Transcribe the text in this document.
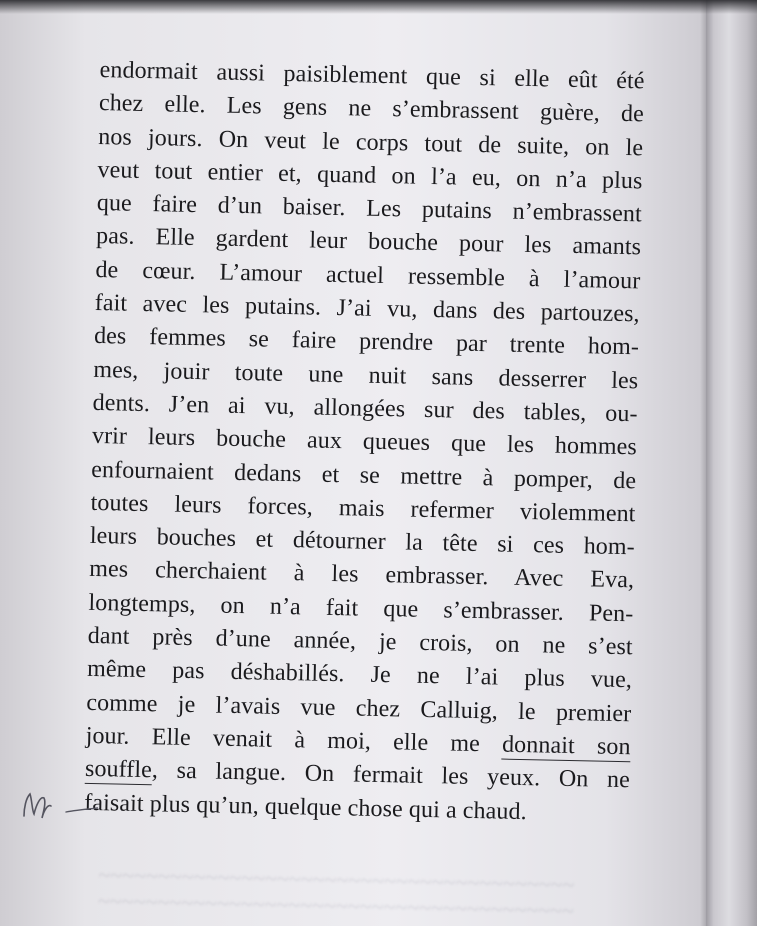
endormait aussi paisiblement que si elle eût été
chez elle. Les gens ne s’embrassent guère, de
nos jours. On veut le corps tout de suite, on le
veut tout entier et, quand on l’a eu, on n’a plus
que faire d’un baiser. Les putains n’embrassent
pas. Elle gardent leur bouche pour les amants
de cœur. L’amour actuel ressemble à l’amour
fait avec les putains. J’ai vu, dans des partouzes,
des femmes se faire prendre par trente hom-
mes, jouir toute une nuit sans desserrer les
dents. J’en ai vu, allongées sur des tables, ou-
vrir leurs bouche aux queues que les hommes
enfournaient dedans et se mettre à pomper, de
toutes leurs forces, mais refermer violemment
leurs bouches et détourner la tête si ces hom-
mes cherchaient à les embrasser. Avec Eva,
longtemps, on n’a fait que s’embrasser. Pen-
dant près d’une année, je crois, on ne s’est
même pas déshabillés. Je ne l’ai plus vue,
comme je l’avais vue chez Calluig, le premier
jour. Elle venait à moi, elle me donnait son
souffle, sa langue. On fermait les yeux. On ne
faisait plus qu’un, quelque chose qui a chaud.
~~~~~~~~~~~~~~~~~~~~~~~~~~~~~~~~~~~~~~~~
~~~~~~~~~~~~~~~~~~~~~~~~~~~~~~~~~~~~~~~~
